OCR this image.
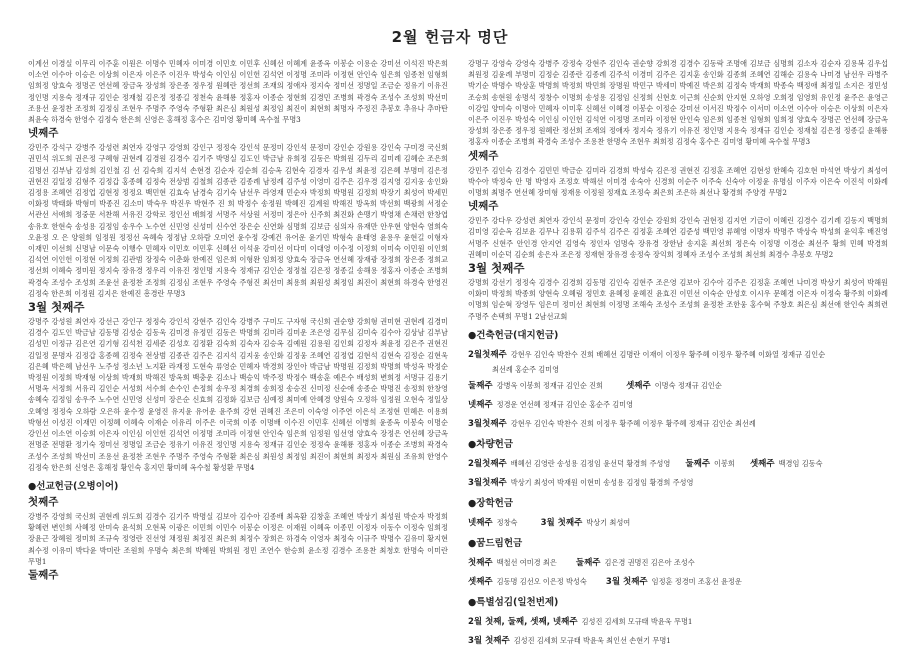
2월 헌금자 명단

이계선 이경실 이무리 이주훈 이원은 이명수 민혜자 이미경 이민호 이민후 신혜선 이혜계 윤종옥 이봉순 이용순 강미선 이석진 박은희 이소연 이수아 이승은 이상희 이은자 이은주 이진우 박성숙 이인심 이인헌 김석연 이정명 조미라 이정현 안인숙 임은희 임종천 임형희 임희정 양효숙 정명곤 연선혜 장금옥 장성희 장은종 정우정 원혜란 정선희 조재의 정애자 정지숙 정미선 정명일 조금순 정유기 이유진 정인명 지용숙 정재규 김인순 정재철 김은정 정종길 정천숙 윤해룡 정홍자 이종순 정현희 김경민 조병희 곽경숙 조성수 조성희 박선미 조용선 윤정찬 조정희 김정심 조현우 주명주 주영숙 주형환 최은심 최원성 최정임 최진이 최현희 최명자 주정진 추봉호 추유나 추마탄 최윤숙 하경숙 한영수 김정숙 한은희 신영은 홍해정 홍수은 김미영 황미혜 옥수철 무명3

넷째주

강민주 강석구 강병주 강성련 최연자 강영구 강영희 강인구 정정숙 강인석 문정미 강인석 문정미 강인순 강원용 강인숙 구미경 국신희 권민석 위도희 권은정 구혜형 권현례 김경원 김경수 김기주 박명실 김도인 박금남 유희정 김동은 박희원 김두리 김미례 김혜순 조은희 김명선 김부남 김성희 김인철 김 선 김숙희 김지석 손현경 김순자 김순희 김승옥 김현숙 김경자 김우성 최윤정 김은혜 부명미 김은정 권현진 김일정 김형주 김정갑 홍종혜 김정숙 전상범 김철희 김종관 김종례 남정례 김주성 이영미 김주은 김우경 김지영 김지웅 송인화 김정용 조혜연 김정업 김현정 정정요 백민현 김효숙 남경숙 김기숙 남선우 라영재 민순자 박정희 박명원 김정희 박장기 최성여 박세민 이화정 박태화 박형미 박종진 김소미 박숙우 박진우 박현주 진 희 박정수 송정원 박혜진 김계원 박해진 방옥희 박선희 백광희 서정순 서관선 서애희 정중문 서찬해 서유진 강학로 정인선 배희정 서명주 서상원 서정미 정은아 신주희 최진화 손맹기 박영채 손채련 한창엽 송유호 한현숙 송성용 김정임 송우수 노수연 신민영 신성미 신수연 장은순 신연화 심명희 김보금 심의자 유재만 안우현 양현숙 염희숙 오윤정 오 은 양원희 임정원 정정선 옥혜숙 정정남 오하람 오미연 윤수정 강예건 유어운 윤기민 박형숙 윤태영 윤용우 윤현길 이형자 이재민 이선희 신명남 이문숙 이행수 민혜자 이민호 이민후 신혜선 이석윤 강미선 이다미 이대영 이수정 이정희 이미숙 이민원 이인희 김석연 이인헌 이정현 이정희 김관범 장정숙 이춘화 한예진 임은희 이형완 임희정 양효숙 장금옥 연선혜 장재광 장정희 장은종 정희교 정선희 이혜숙 정미원 정지숙 장유경 정우리 이유진 정인명 지용숙 정재규 김인순 정정철 김은정 정종길 송해용 정홍자 이종순 조병희 곽경숙 조성수 조성희 조윤선 윤정찬 조정희 김정심 조현우 주영숙 주형진 최선미 최용희 최원성 최정임 최진이 최현희 하경숙 한영진 김정숙 한은희 이정원 김지은 한예진 흥경란 무명3

3월 첫째주

강명주 강성원 최연자 강선근 강인구 정정숙 강인석 강현주 김인숙 강병주 구미도 구자형 국신희 권순향 강희형 권미현 권현례 김경미 김경수 김도인 박금남 김동명 김성순 김동욱 김미경 유정민 김동은 박명희 김미라 김미운 조은영 김무심 김미숙 김수아 김상남 김부남 김성민 이정규 김은연 김기형 김석천 김세준 김성호 김정환 김숙희 김숙자 김승옥 김예원 김용원 김인회 김정자 최윤정 김은주 권현진 김일정 문명자 김정갑 홍종혜 김정숙 전상범 김종관 김주은 김지석 김지웅 송인화 김정웅 조혜연 김정엽 김현석 김현숙 김정순 김현욱 김은혜 박은혜 남선우 노주성 정소년 노지환 라재정 도현숙 류영순 민혜자 박경희 장인아 박금남 박명원 김정희 박명희 박성옥 박정순 박정원 이정희 박재형 이상희 박재희 박해진 방옥희 백충운 김소나 백승익 박주정 박정수 백송훈 예은수 배성희 변희정 서명규 김용기 서명옥 서정희 서유리 김인순 서성희 서수희 손수인 손정희 송우정 최경희 송희정 송승진 신미정 신순애 송종순 박명진 송정희 한창영 송혜숙 김정임 송우주 노수연 신민영 신성미 장은순 신효희 김정화 김보금 심예정 최미예 안혜경 양원숙 오정하 임정원 오현숙 정일상 오혜영 정정숙 오하람 오은하 윤수정 윤영진 유지윤 유어운 윤주희 강현 권혜진 조은미 이숙영 이주연 이은석 조정현 민혜은 이용희 박형선 이성진 이재민 이정혜 이혜숙 이재순 이유리 이주은 이국희 이종 이명배 이수진 이민후 신혜선 이병희 윤종옥 이봉숙 이명순 강인선 이소연 이승희 이은자 이인심 이인헌 김석연 이정명 조미라 이정현 안인숙 임은희 임정원 임선영 양효숙 장정은 연선혜 장금옥 전명준 전명환 정기숙 정미선 정명일 조금순 정유기 이유진 정인명 지용숙 정재규 김인순 정정숙 윤해룡 정홍자 이종순 조병희 곽경숙 조성수 조성희 박선미 조용선 윤정찬 조현우 주명주 주영숙 주형환 최은심 최원성 최정임 최진이 최현희 최정자 최원심 조유희 한영수 김정숙 한은희 신영은 홍해정 황인숙 홍지민 황미혜 옥수철 황성환 무명4

●선교헌금(오병이어)
첫째주

강병주 강영희 국신희 권현례 위도희 김경수 김기주 박명실 김보아 김수아 김종배 최옥환 김창훈 조혜연 박상기 최성원 박순자 박정희 황혜련 변인희 사혜정 안미숙 윤석희 오현복 이광은 이민희 이민수 이봉순 이정은 이재원 이혜옥 이종민 이정자 이동수 이정숙 임희정 장윤근 장혜원 정미희 조규숙 정영란 진선영 채정원 최정진 최은희 최정수 장희은 하경숙 이영자 최정숙 이규주 박명수 김유미 황지현 최수정 이유미 박다윤 박미란 조원희 우명숙 최은희 박혜원 박희원 정민 조연수 한승희 윤소정 김경수 조용찬 최청호 한명숙 이미란 무명1

둘째주

강명구 강영숙 강영숙 강병주 강정숙 강현주 김인숙 권순향 강희경 김경수 김동락 조명애 김보금 심명희 김소자 김순자 김용복 김우섭 최원정 김윤례 부명미 김정순 김종란 김종례 김주석 이경미 김주은 김지훈 송인화 김종희 조혜연 김해순 김용숙 나미경 남선우 라병주 박기순 박명수 박상훈 박명희 박정희 박민희 장명원 박민구 박세미 박예진 박은희 김정숙 박재희 박종숙 백정애 최정일 소지은 정민성 조승희 송현원 송명석 정창수 이명희 송성용 김정임 신정희 신현호 이근희 신순희 안지현 오하영 오희정 임영희 유인정 윤주은 윤영근 이강일 양미숙 이명아 민혜자 이미후 신혜선 이혜경 이봉순 이정순 강미선 이서진 박정수 이서미 이소연 이수아 이승은 이상희 이은자 이은주 이진우 박성숙 이인심 이인헌 김석연 이정명 조미라 이정현 안인숙 임은희 임종천 임형희 임희정 양효숙 장명곤 연선혜 장금옥 장성희 장은종 정우정 원혜란 정선희 조재의 정애자 정지숙 정유기 이유진 정인명 지용숙 정재규 김인순 정재철 김은정 정종길 윤해룡 정홍자 이종순 조병희 곽경숙 조성수 조용찬 한명숙 조현우 최희정 김정숙 홍수은 김미영 황미혜 옥수철 무명3

셋째주

강민주 김인숙 김경수 김민민 박금순 김미라 김경희 박성숙 김은정 권현진 김정훈 조혜연 김현성 한혜숙 김호현 마석연 박상기 최성여 박수아 박정숙 안 명 박영자 조정호 박해선 이미경 송숙아 신경희 이순주 이주숙 신숙아 이정윤 유명심 이주자 이은숙 이진석 이화례 이명희 최명주 연선혜 장미형 정재용 이정원 정재효 조정숙 최은희 조은하 최선나 황경희 주양경 무명2

넷째주

강민주 강다우 강성련 최연자 강인석 문정미 강인숙 강인순 강원희 강인숙 권현정 김지연 기금이 이혜린 김경수 김기례 김동지 백명희 김미영 김순옥 김보윤 김무나 김용휘 김주석 김주은 김정훈 조혜연 김준성 백민영 류혜영 이명자 박명주 박상숙 박성희 윤익후 배진영 서명주 신현주 안인경 안지연 김영숙 정인자 엄명숙 장유경 장한남 송지훈 최선희 정은숙 이정명 이경순 최선주 황희 민혜 박경희 권혜미 이순덕 김순희 송은자 조은정 정재현 장유경 송정숙 장익희 정혜자 조성수 조성희 최선희 최경수 추봉호 무명2

3월 첫째주

강명희 강선기 정정숙 김경수 김경희 김동명 김인숙 김현주 조은영 김보아 김수아 김주은 김정훈 조혜연 나미경 박상기 최성여 박해원 이화미 박정희 박종희 양현숙 오혜림 정민호 윤혜정 윤혜진 윤효진 이민선 이숙순 안성호 이시우 문혜경 이은자 이정숙 황주희 이화례 이명희 임순혁 장영두 임은미 정미선 최현희 이정명 조해숙 조성수 조성희 윤정찬 조한웅 홍수혁 주창호 최은심 최선애 한인숙 최희련 주명주 손택희 무명1 2남선교회

●건축헌금(대지헌금)
2월첫째주 강현우 김인숙 박찬수 진희 배혜선 김명란 이재이 이정우 황주혜 이정우 황주혜 이화열 정재규 김인순
최선례 홍순주 김미영
둘째주 강병욱 이봉희 정재규 김인순 진희	셋째주 이명숙 정재규 김인순
넷째주 정경운 연선혜 정재규 김인순 홍순주 김미영
3월첫째주 강현우 김인숙 박찬수 진희 이정우 황주혜 이정우 황주혜 정재규 김인순 최선례
●차량헌금
2월첫째주 배혜선 김영란 송성용 김정임 윤선덕 황경희 주성영 둘째주 이봉희 셋째주 백경임 김동숙
3월첫째주 박상기 최성여 박재원 이현미 송성용 김정임 황경희 주성영
●장학헌금
넷째주 정창숙	3월 첫째주 박상기 최성여
●꿈드림헌금
첫째주 백철선 여미경 최은 둘째주 김은경 권명진 김은아 조성수
셋째주 김동명 김선오 이은정 박성숙 3월 첫째주 임정훈 정경미 조홍선 윤정운
●특별섬김(일천번제)
2월 첫째, 둘째, 셋째, 넷째주 김성진 김세희 모규태 박윤욱 무명1
3월 첫째주 김성진 김세희 모규태 박윤욱 최인선 손현기 무명1
